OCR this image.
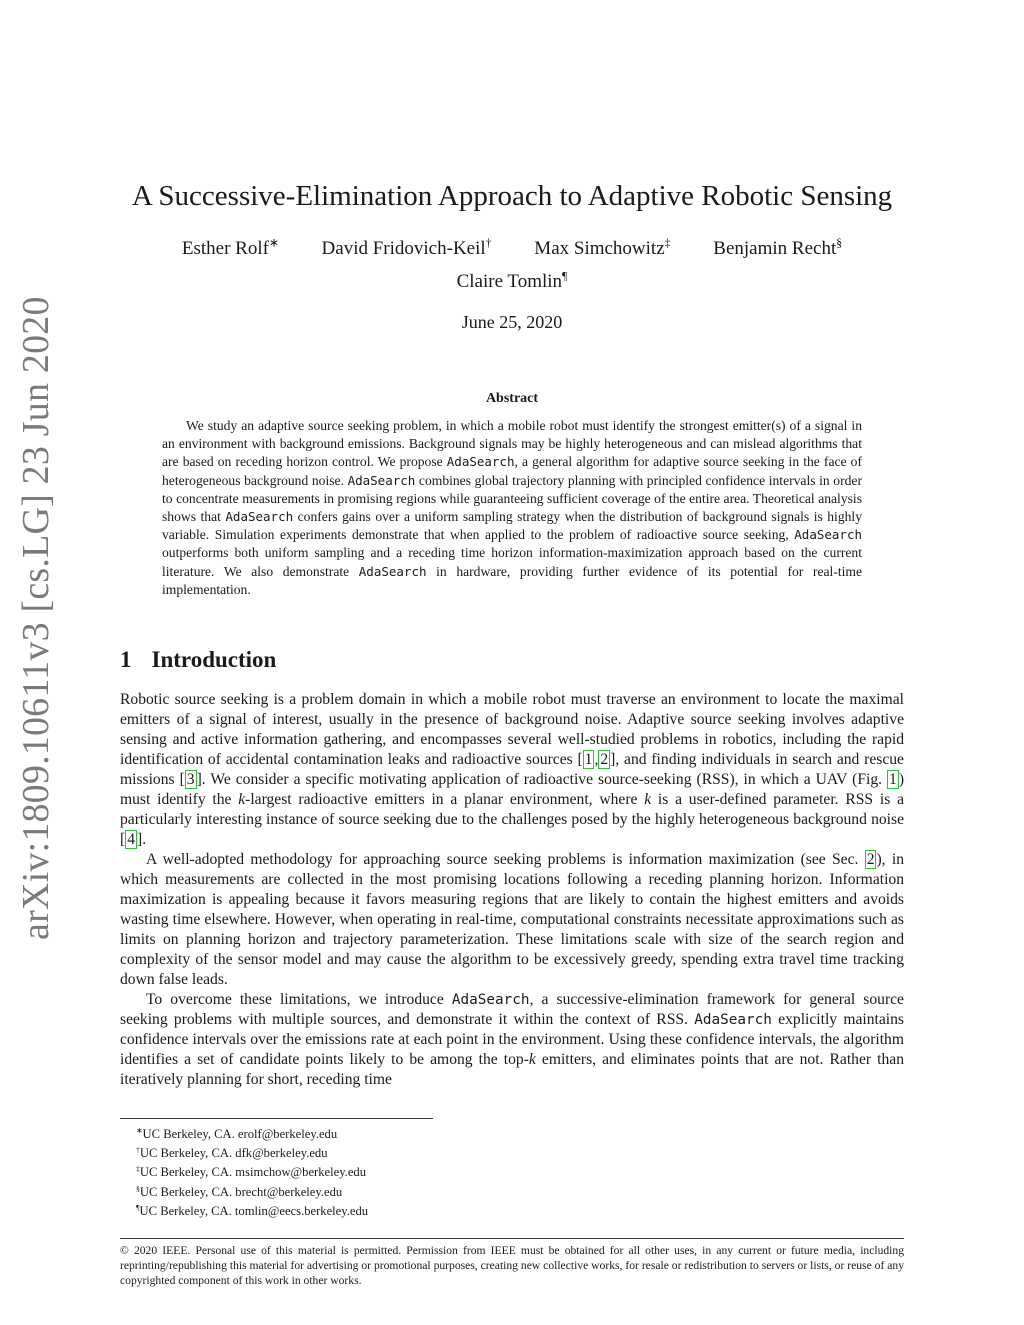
arXiv:1809.10611v3 [cs.LG] 23 Jun 2020
A Successive-Elimination Approach to Adaptive Robotic Sensing
Esther Rolf∗ David Fridovich-Keil† Max Simchowitz‡ Benjamin Recht§
Claire Tomlin¶
June 25, 2020
Abstract
We study an adaptive source seeking problem, in which a mobile robot must identify the strongest emitter(s) of a signal in an environment with background emissions. Background signals may be highly heterogeneous and can mislead algorithms that are based on receding horizon control. We propose AdaSearch, a general algorithm for adaptive source seeking in the face of heterogeneous background noise. AdaSearch combines global trajectory planning with principled confidence intervals in order to concentrate measurements in promising regions while guaranteeing sufficient coverage of the entire area. Theoretical analysis shows that AdaSearch confers gains over a uniform sampling strategy when the distribution of background signals is highly variable. Simulation experiments demonstrate that when applied to the problem of radioactive source seeking, AdaSearch outperforms both uniform sampling and a receding time horizon information-maximization approach based on the current literature. We also demonstrate AdaSearch in hardware, providing further evidence of its potential for real-time implementation.
1 Introduction

Robotic source seeking is a problem domain in which a mobile robot must traverse an environment to locate the maximal emitters of a signal of interest, usually in the presence of background noise. Adaptive source seeking involves adaptive sensing and active information gathering, and encompasses several well-studied problems in robotics, including the rapid identification of accidental contamination leaks and radioactive sources [ 1 , 2 ], and finding individuals in search and rescue missions [ 3 ]. We consider a specific motivating application of radioactive source-seeking (RSS), in which a UAV (Fig. 1 ) must identify the k-largest radioactive emitters in a planar environment, where k is a user-defined parameter. RSS is a particularly interesting instance of source seeking due to the challenges posed by the highly heterogeneous background noise [ 4 ].

A well-adopted methodology for approaching source seeking problems is information maximization (see Sec. 2 ), in which measurements are collected in the most promising locations following a receding planning horizon. Information maximization is appealing because it favors measuring regions that are likely to contain the highest emitters and avoids wasting time elsewhere. However, when operating in real-time, computational constraints necessitate approximations such as limits on planning horizon and trajectory parameterization. These limitations scale with size of the search region and complexity of the sensor model and may cause the algorithm to be excessively greedy, spending extra travel time tracking down false leads.

To overcome these limitations, we introduce AdaSearch, a successive-elimination framework for general source seeking problems with multiple sources, and demonstrate it within the context of RSS. AdaSearch explicitly maintains confidence intervals over the emissions rate at each point in the environment. Using these confidence intervals, the algorithm identifies a set of candidate points likely to be among the top-k emitters, and eliminates points that are not. Rather than iteratively planning for short, receding time

∗UC Berkeley, CA. erolf@berkeley.edu
†UC Berkeley, CA. dfk@berkeley.edu
‡UC Berkeley, CA. msimchow@berkeley.edu
§UC Berkeley, CA. brecht@berkeley.edu
¶UC Berkeley, CA. tomlin@eecs.berkeley.edu
© 2020 IEEE. Personal use of this material is permitted. Permission from IEEE must be obtained for all other uses, in any current or future media, including reprinting/republishing this material for advertising or promotional purposes, creating new collective works, for resale or redistribution to servers or lists, or reuse of any copyrighted component of this work in other works.
